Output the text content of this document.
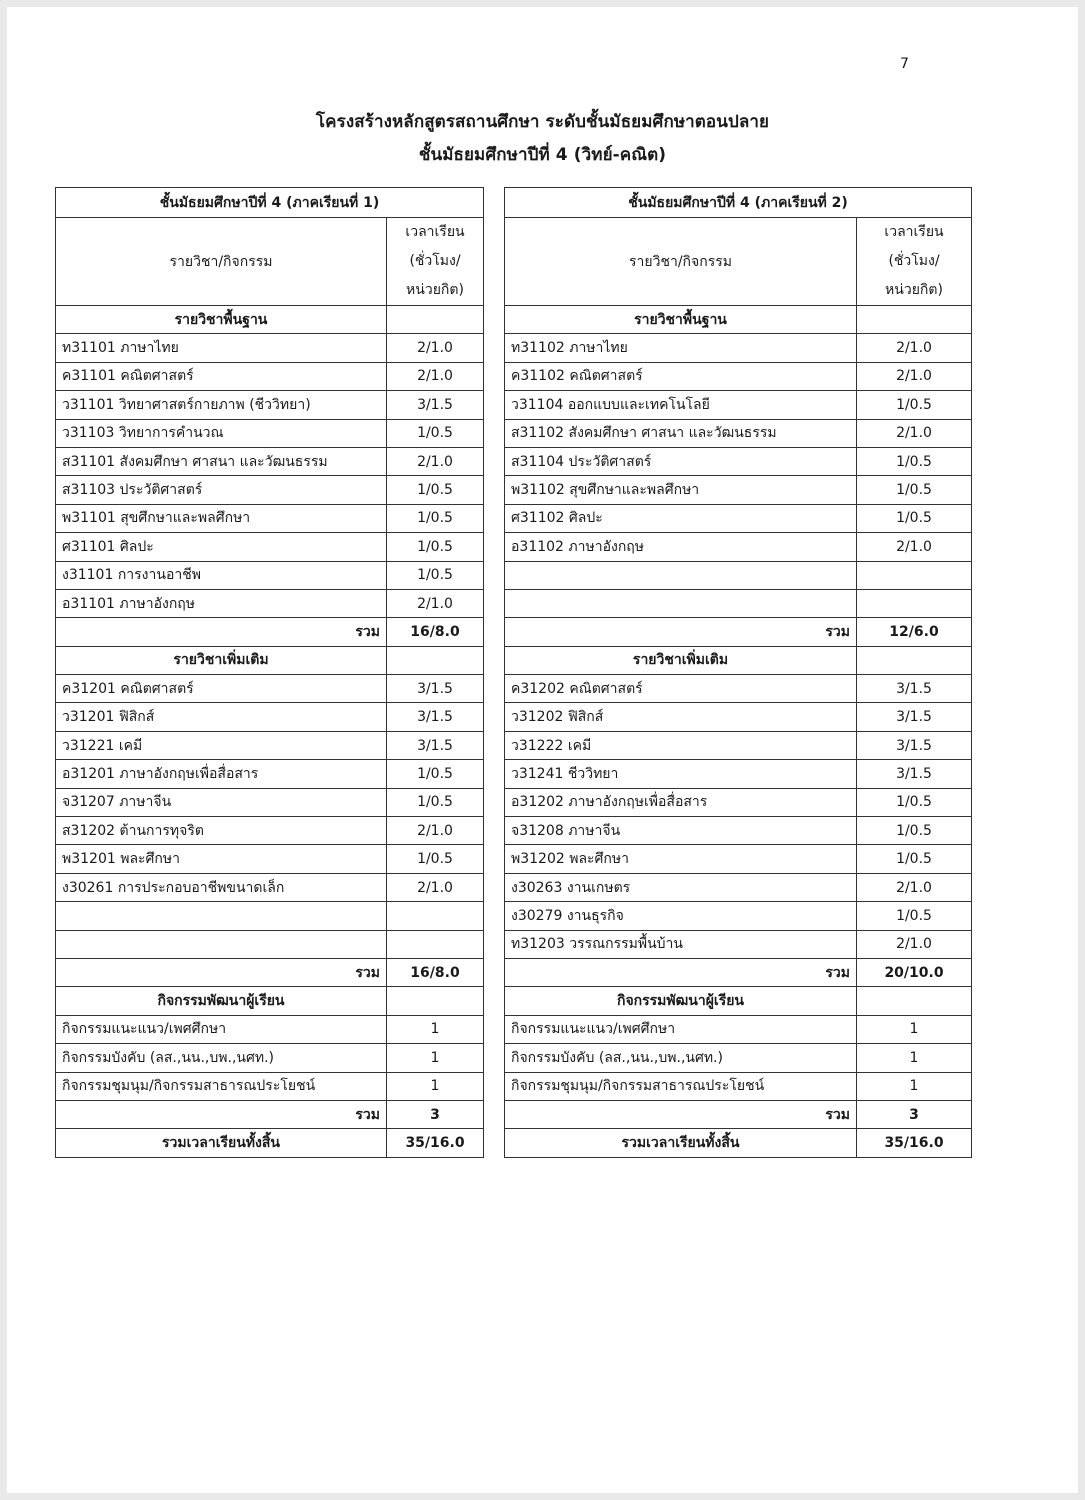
7
โครงสร้างหลักสูตรสถานศึกษา ระดับชั้นมัธยมศึกษาตอนปลาย
ชั้นมัธยมศึกษาปีที่ 4 (วิทย์-คณิต)
ชั้นมัธยมศึกษาปีที่ 4 (ภาคเรียนที่ 1)	
รายวิชา/กิจกรรม	เวลาเรียน
(ชั่วโมง/
หน่วยกิต)

รายวิชาพื้นฐาน	
ท31101 ภาษาไทย	2/1.0
ค31101 คณิตศาสตร์	2/1.0
ว31101 วิทยาศาสตร์กายภาพ (ชีววิทยา)	3/1.5
ว31103 วิทยาการคำนวณ	1/0.5
ส31101 สังคมศึกษา ศาสนา และวัฒนธรรม	2/1.0
ส31103 ประวัติศาสตร์	1/0.5
พ31101 สุขศึกษาและพลศึกษา	1/0.5
ศ31101 ศิลปะ	1/0.5
ง31101 การงานอาชีพ	1/0.5
อ31101 ภาษาอังกฤษ	2/1.0
รวม	16/8.0
รายวิชาเพิ่มเติม	
ค31201 คณิตศาสตร์	3/1.5
ว31201 ฟิสิกส์	3/1.5
ว31221 เคมี	3/1.5
อ31201 ภาษาอังกฤษเพื่อสื่อสาร	1/0.5
จ31207 ภาษาจีน	1/0.5
ส31202 ต้านการทุจริต	2/1.0
พ31201 พละศึกษา	1/0.5
ง30261 การประกอบอาชีพขนาดเล็ก	2/1.0

รวม	16/8.0
กิจกรรมพัฒนาผู้เรียน	
กิจกรรมแนะแนว/เพศศึกษา	1
กิจกรรมบังคับ (ลส.,นน.,บพ.,นศท.)	1
กิจกรรมชุมนุม/กิจกรรมสาธารณประโยชน์	1
รวม	3
รวมเวลาเรียนทั้งสิ้น	35/16.0
ชั้นมัธยมศึกษาปีที่ 4 (ภาคเรียนที่ 2)	
รายวิชา/กิจกรรม	เวลาเรียน
(ชั่วโมง/
หน่วยกิต)

รายวิชาพื้นฐาน	
ท31102 ภาษาไทย	2/1.0
ค31102 คณิตศาสตร์	2/1.0
ว31104 ออกแบบและเทคโนโลยี	1/0.5
ส31102 สังคมศึกษา ศาสนา และวัฒนธรรม	2/1.0
ส31104 ประวัติศาสตร์	1/0.5
พ31102 สุขศึกษาและพลศึกษา	1/0.5
ศ31102 ศิลปะ	1/0.5
อ31102 ภาษาอังกฤษ	2/1.0

รวม	12/6.0
รายวิชาเพิ่มเติม	
ค31202 คณิตศาสตร์	3/1.5
ว31202 ฟิสิกส์	3/1.5
ว31222 เคมี	3/1.5
ว31241 ชีววิทยา	3/1.5
อ31202 ภาษาอังกฤษเพื่อสื่อสาร	1/0.5
จ31208 ภาษาจีน	1/0.5
พ31202 พละศึกษา	1/0.5
ง30263 งานเกษตร	2/1.0
ง30279 งานธุรกิจ	1/0.5
ท31203 วรรณกรรมพื้นบ้าน	2/1.0
รวม	20/10.0
กิจกรรมพัฒนาผู้เรียน	
กิจกรรมแนะแนว/เพศศึกษา	1
กิจกรรมบังคับ (ลส.,นน.,บพ.,นศท.)	1
กิจกรรมชุมนุม/กิจกรรมสาธารณประโยชน์	1
รวม	3
รวมเวลาเรียนทั้งสิ้น	35/16.0
